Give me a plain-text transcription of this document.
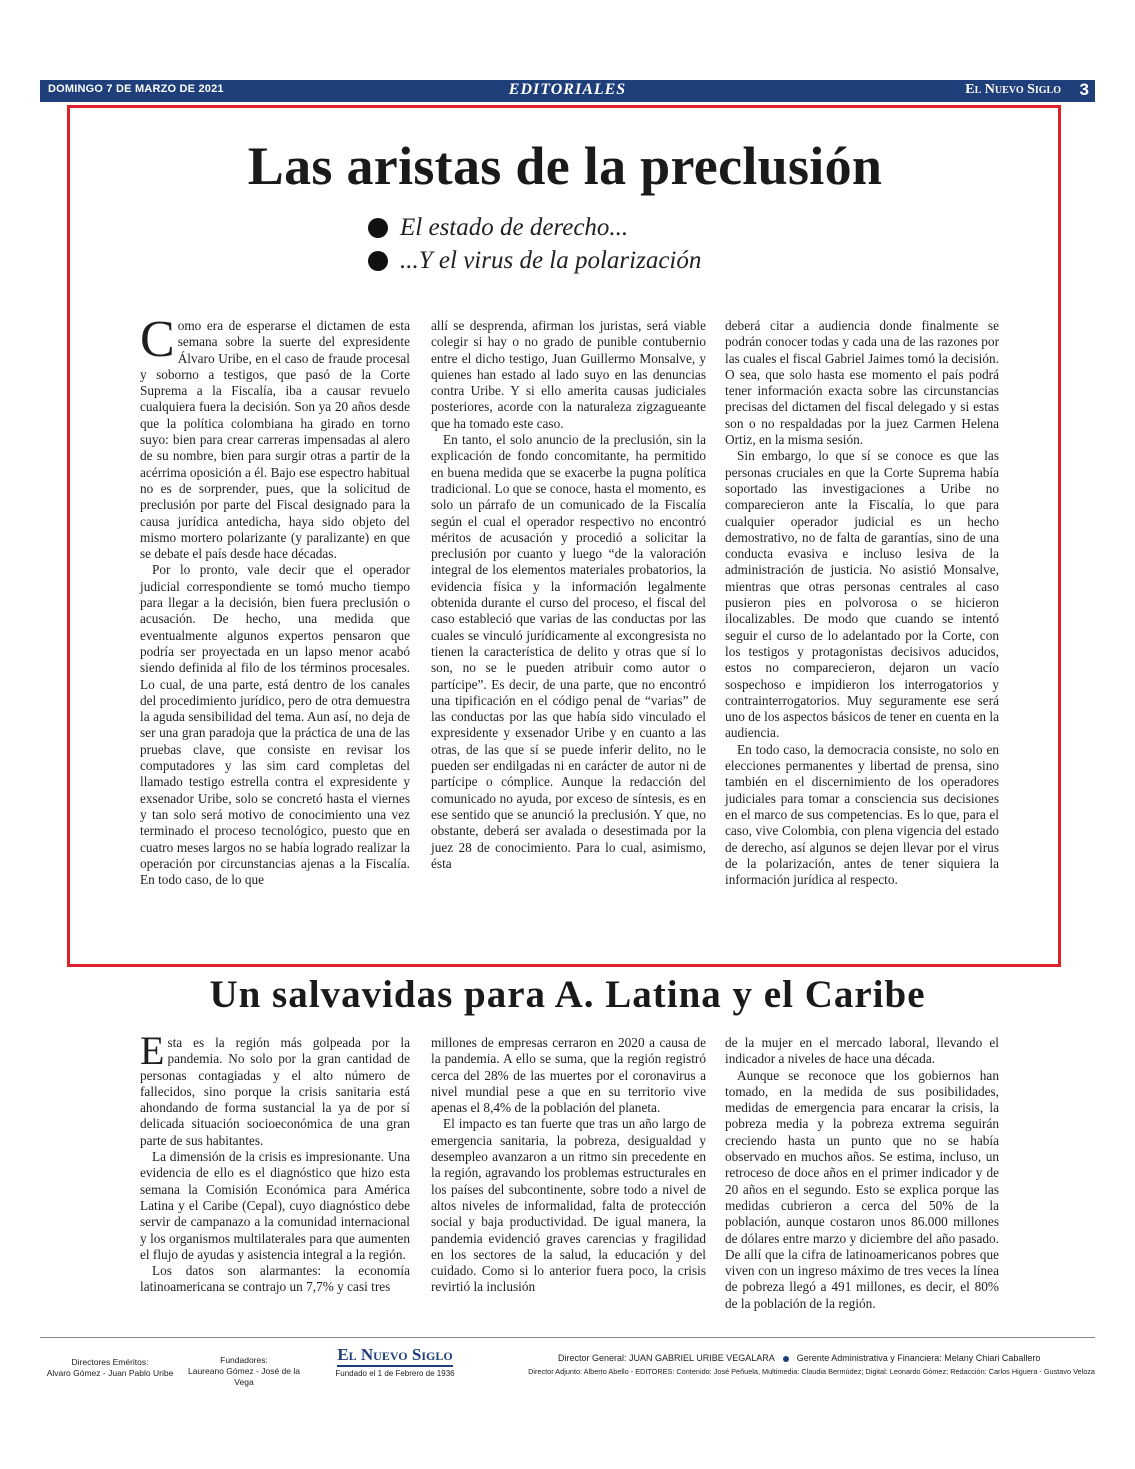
DOMINGO 7 DE MARZO DE 2021	EDITORIALES	El Nuevo Siglo 3
Las aristas de la preclusión
El estado de derecho...
...Y el virus de la polarización

Como era de esperarse el dictamen de esta semana sobre la suerte del expresidente Álvaro Uribe, en el caso de fraude procesal y soborno a testigos, que pasó de la Corte Suprema a la Fiscalía, iba a causar revuelo cualquiera fuera la decisión. Son ya 20 años desde que la política colombiana ha girado en torno suyo: bien para crear carreras impensadas al alero de su nombre, bien para surgir otras a partir de la acérrima oposición a él. Bajo ese espectro habitual no es de sorprender, pues, que la solicitud de preclusión por parte del Fiscal designado para la causa jurídica antedicha, haya sido objeto del mismo mortero polarizante (y paralizante) en que se debate el país desde hace décadas.

Por lo pronto, vale decir que el operador judicial correspondiente se tomó mucho tiempo para llegar a la decisión, bien fuera preclusión o acusación. De hecho, una medida que eventualmente algunos expertos pensaron que podría ser proyectada en un lapso menor acabó siendo definida al filo de los términos procesales. Lo cual, de una parte, está dentro de los canales del procedimiento jurídico, pero de otra demuestra la aguda sensibilidad del tema. Aun así, no deja de ser una gran paradoja que la práctica de una de las pruebas clave, que consiste en revisar los computadores y las sim card completas del llamado testigo estrella contra el expresidente y exsenador Uribe, solo se concretó hasta el viernes y tan solo será motivo de conocimiento una vez terminado el proceso tecnológico, puesto que en cuatro meses largos no se había logrado realizar la operación por circunstancias ajenas a la Fiscalía. En todo caso, de lo que

allí se desprenda, afirman los juristas, será viable colegir si hay o no grado de punible contubernio entre el dicho testigo, Juan Guillermo Monsalve, y quienes han estado al lado suyo en las denuncias contra Uribe. Y si ello amerita causas judiciales posteriores, acorde con la naturaleza zigzagueante que ha tomado este caso.

En tanto, el solo anuncio de la preclusión, sin la explicación de fondo concomitante, ha permitido en buena medida que se exacerbe la pugna política tradicional. Lo que se conoce, hasta el momento, es solo un párrafo de un comunicado de la Fiscalía según el cual el operador respectivo no encontró méritos de acusación y procedió a solicitar la preclusión por cuanto y luego “de la valoración integral de los elementos materiales probatorios, la evidencia física y la información legalmente obtenida durante el curso del proceso, el fiscal del caso estableció que varias de las conductas por las cuales se vinculó jurídicamente al excongresista no tienen la característica de delito y otras que sí lo son, no se le pueden atribuir como autor o partícipe”. Es decir, de una parte, que no encontró una tipificación en el código penal de “varias” de las conductas por las que había sido vinculado el expresidente y exsenador Uribe y en cuanto a las otras, de las que sí se puede inferir delito, no le pueden ser endilgadas ni en carácter de autor ni de partícipe o cómplice. Aunque la redacción del comunicado no ayuda, por exceso de síntesis, es en ese sentido que se anunció la preclusión. Y que, no obstante, deberá ser avalada o desestimada por la juez 28 de conocimiento. Para lo cual, asimismo, ésta

deberá citar a audiencia donde finalmente se podrán conocer todas y cada una de las razones por las cuales el fiscal Gabriel Jaimes tomó la decisión. O sea, que solo hasta ese momento el país podrá tener información exacta sobre las circunstancias precisas del dictamen del fiscal delegado y si estas son o no respaldadas por la juez Carmen Helena Ortiz, en la misma sesión.

Sin embargo, lo que sí se conoce es que las personas cruciales en que la Corte Suprema había soportado las investigaciones a Uribe no comparecieron ante la Fiscalía, lo que para cualquier operador judicial es un hecho demostrativo, no de falta de garantías, sino de una conducta evasiva e incluso lesiva de la administración de justicia. No asistió Monsalve, mientras que otras personas centrales al caso pusieron pies en polvorosa o se hicieron ilocalizables. De modo que cuando se intentó seguir el curso de lo adelantado por la Corte, con los testigos y protagonistas decisivos aducidos, estos no comparecieron, dejaron un vacío sospechoso e impidieron los interrogatorios y contrainterrogatorios. Muy seguramente ese será uno de los aspectos básicos de tener en cuenta en la audiencia.

En todo caso, la democracia consiste, no solo en elecciones permanentes y libertad de prensa, sino también en el discernimiento de los operadores judiciales para tomar a consciencia sus decisiones en el marco de sus competencias. Es lo que, para el caso, vive Colombia, con plena vigencia del estado de derecho, así algunos se dejen llevar por el virus de la polarización, antes de tener siquiera la información jurídica al respecto.

Un salvavidas para A. Latina y el Caribe

Esta es la región más golpeada por la pandemia. No solo por la gran cantidad de personas contagiadas y el alto número de fallecidos, sino porque la crisis sanitaria está ahondando de forma sustancial la ya de por sí delicada situación socioeconómica de una gran parte de sus habitantes.

La dimensión de la crisis es impresionante. Una evidencia de ello es el diagnóstico que hizo esta semana la Comisión Económica para América Latina y el Caribe (Cepal), cuyo diagnóstico debe servir de campanazo a la comunidad internacional y los organismos multilaterales para que aumenten el flujo de ayudas y asistencia integral a la región.

Los datos son alarmantes: la economía latinoamericana se contrajo un 7,7% y casi tres

millones de empresas cerraron en 2020 a causa de la pandemia. A ello se suma, que la región registró cerca del 28% de las muertes por el coronavirus a nivel mundial pese a que en su territorio vive apenas el 8,4% de la población del planeta.

El impacto es tan fuerte que tras un año largo de emergencia sanitaria, la pobreza, desigualdad y desempleo avanzaron a un ritmo sin precedente en la región, agravando los problemas estructurales en los países del subcontinente, sobre todo a nivel de altos niveles de informalidad, falta de protección social y baja productividad. De igual manera, la pandemia evidenció graves carencias y fragilidad en los sectores de la salud, la educación y del cuidado. Como si lo anterior fuera poco, la crisis revirtió la inclusión

de la mujer en el mercado laboral, llevando el indicador a niveles de hace una década.

Aunque se reconoce que los gobiernos han tomado, en la medida de sus posibilidades, medidas de emergencia para encarar la crisis, la pobreza media y la pobreza extrema seguirán creciendo hasta un punto que no se había observado en muchos años. Se estima, incluso, un retroceso de doce años en el primer indicador y de 20 años en el segundo. Esto se explica porque las medidas cubrieron a cerca del 50% de la población, aunque costaron unos 86.000 millones de dólares entre marzo y diciembre del año pasado. De allí que la cifra de latinoamericanos pobres que viven con un ingreso máximo de tres veces la línea de pobreza llegó a 491 millones, es decir, el 80% de la población de la región.

Directores Eméritos:
Alvaro Gómez - Juan Pablo Uribe
Fundadores:
Laureano Gómez - José de la Vega
El Nuevo Siglo
Fundado el 1 de Febrero de 1936
Director General: JUAN GABRIEL URIBE VEGALARA Gerente Administrativa y Financiera: Melany Chiari Caballero
Director Adjunto: Alberto Abello - EDITORES: Contenido: José Peñuela, Multimedia: Claudia Bermúdez; Digital: Leonardo Gómez; Redacción: Carlos Higuera - Gustavo Veloza
